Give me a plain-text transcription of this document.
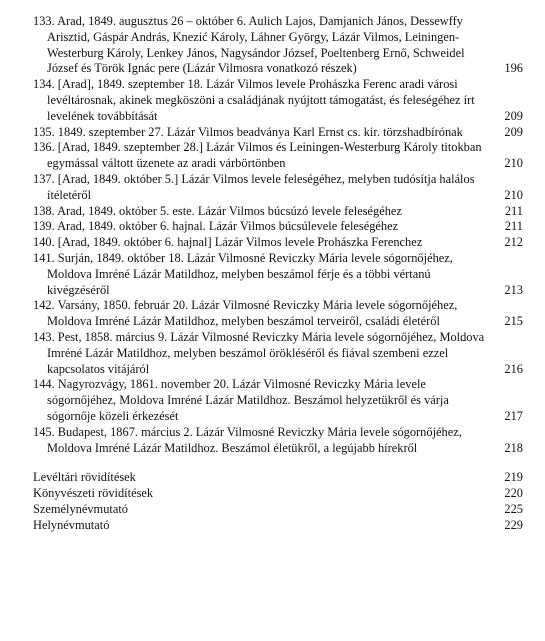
133. Arad, 1849. augusztus 26 – október 6. Aulich Lajos, Damjanich János, Dessewffy Arisztid, Gáspár András, Knezić Károly, Láhner György, Lázár Vilmos, Leiningen-Westerburg Károly, Lenkey János, Nagysándor József, Poeltenberg Ernő, Schweidel József és Török Ignác pere (Lázár Vilmosra vonatkozó részek)	196

134. [Arad], 1849. szeptember 18. Lázár Vilmos levele Prohászka Ferenc aradi városi levéltárosnak, akinek megköszöni a családjának nyújtott támogatást, és feleségéhez írt levelének továbbítását	209

135. 1849. szeptember 27. Lázár Vilmos beadványa Karl Ernst cs. kir. törzshadbírónak	209

136. [Arad, 1849. szeptember 28.] Lázár Vilmos és Leiningen-Westerburg Károly titokban egymással váltott üzenete az aradi várbörtönben	210

137. [Arad, 1849. október 5.] Lázár Vilmos levele feleségéhez, melyben tudósítja halálos ítéletéről	210

138. Arad, 1849. október 5. este. Lázár Vilmos búcsúzó levele feleségéhez	211

139. Arad, 1849. október 6. hajnal. Lázár Vilmos búcsúlevele feleségéhez	211

140. [Arad, 1849. október 6. hajnal] Lázár Vilmos levele Prohászka Ferenchez	212

141. Surján, 1849. október 18. Lázár Vilmosné Reviczky Mária levele sógornőjéhez, Moldova Imréné Lázár Matildhoz, melyben beszámol férje és a többi vértanú kivégzéséről	213

142. Varsány, 1850. február 20. Lázár Vilmosné Reviczky Mária levele sógornőjéhez, Moldova Imréné Lázár Matildhoz, melyben beszámol terveiről, családi életéről	215

143. Pest, 1858. március 9. Lázár Vilmosné Reviczky Mária levele sógornőjéhez, Moldova Imréné Lázár Matildhoz, melyben beszámol örökléséről és fiával szembeni ezzel kapcsolatos vitájáról	216

144. Nagyrozvágy, 1861. november 20. Lázár Vilmosné Reviczky Mária levele sógornőjéhez, Moldova Imréné Lázár Matildhoz. Beszámol helyzetükről és várja sógornője közeli érkezését	217

145. Budapest, 1867. március 2. Lázár Vilmosné Reviczky Mária levele sógornőjéhez, Moldova Imréné Lázár Matildhoz. Beszámol életükről, a legújabb hírekről	218

Levéltári rövidítések	219

Könyvészeti rövidítések	220

Személynévmutató	225

Helynévmutató	229
